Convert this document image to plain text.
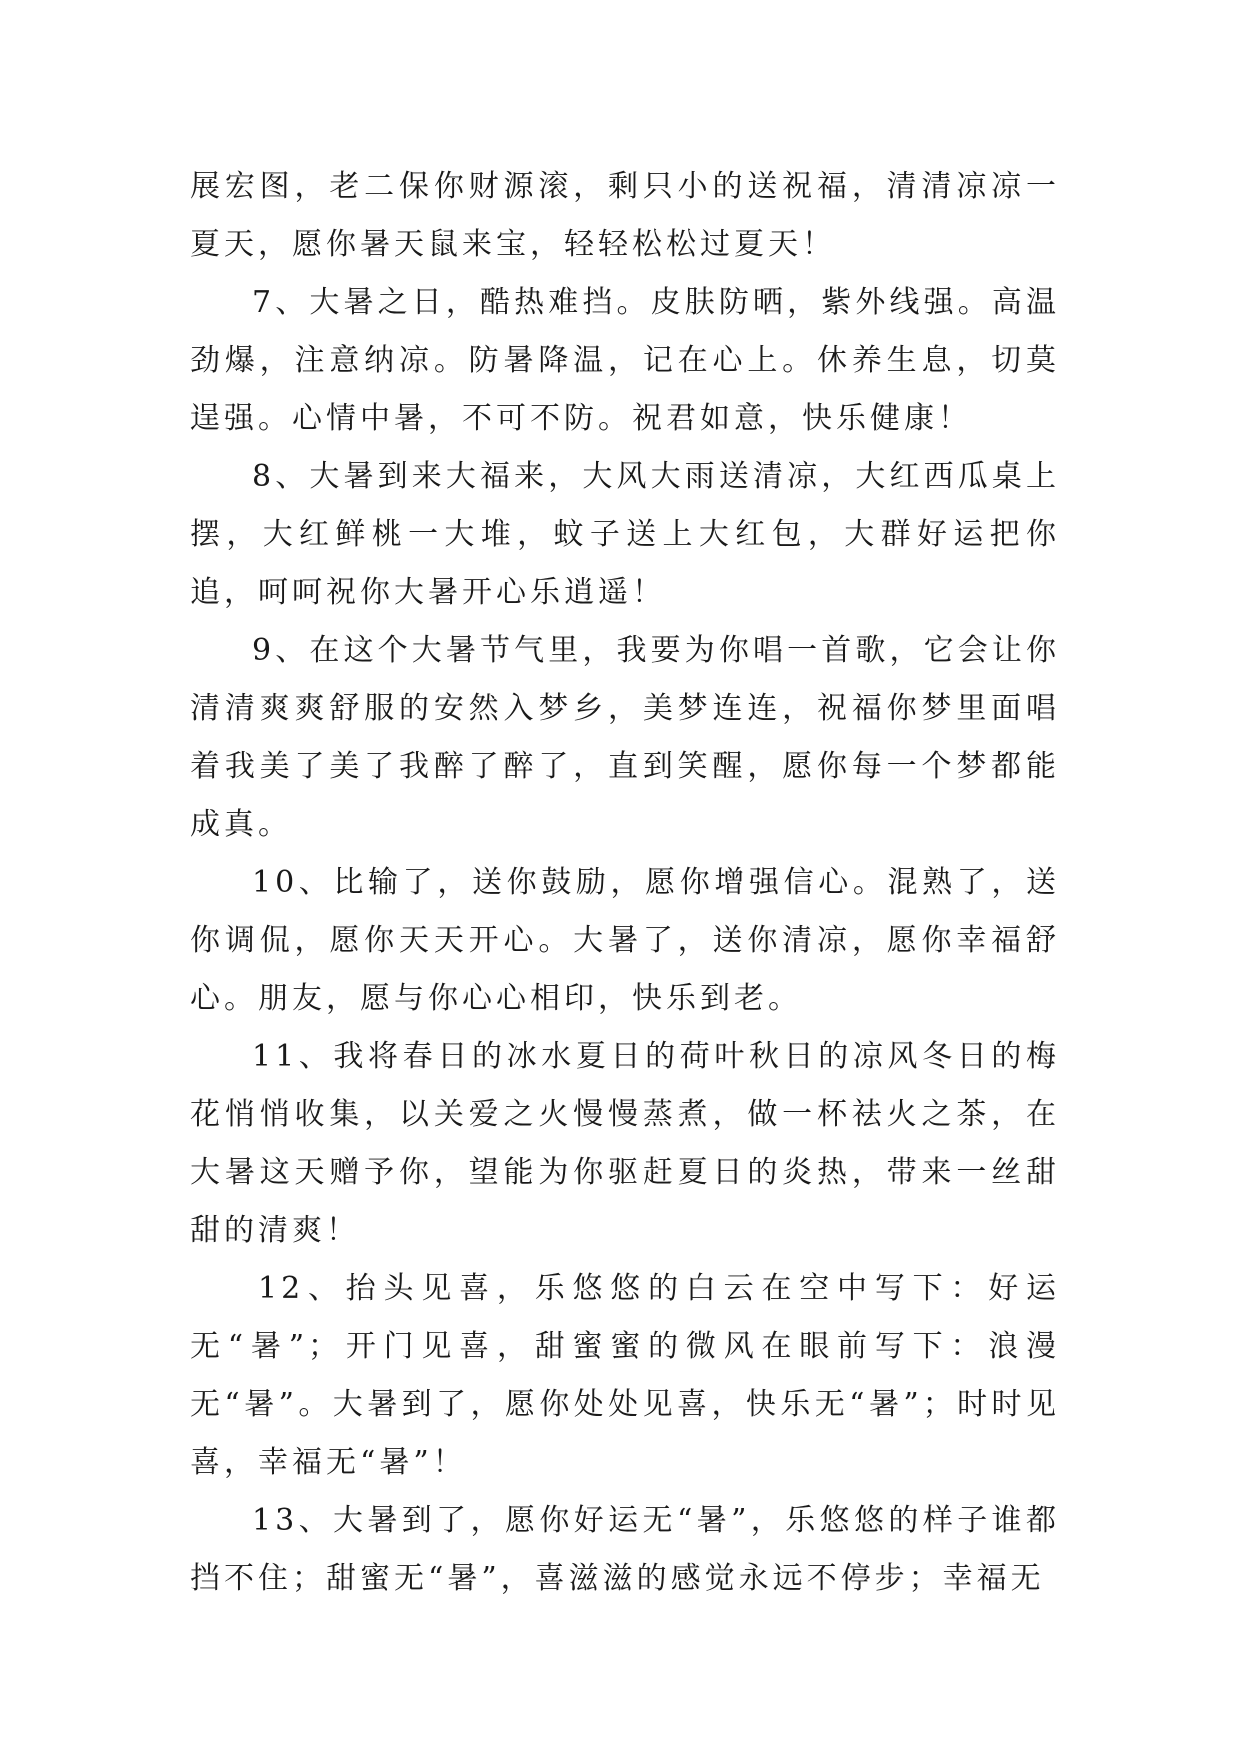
展宏图，老二保你财源滚，剩只小的送祝福，清清凉凉一夏天，愿你暑天鼠来宝，轻轻松松过夏天！

7、大暑之日，酷热难挡。皮肤防晒，紫外线强。高温劲爆，注意纳凉。防暑降温，记在心上。休养生息，切莫逞强。心情中暑，不可不防。祝君如意，快乐健康！

8、大暑到来大福来，大风大雨送清凉，大红西瓜桌上摆，大红鲜桃一大堆，蚊子送上大红包，大群好运把你追，呵呵祝你大暑开心乐逍遥！

9、在这个大暑节气里，我要为你唱一首歌，它会让你清清爽爽舒服的安然入梦乡，美梦连连，祝福你梦里面唱着我美了美了我醉了醉了，直到笑醒，愿你每一个梦都能成真。

10、比输了，送你鼓励，愿你增强信心。混熟了，送你调侃，愿你天天开心。大暑了，送你清凉，愿你幸福舒心。朋友，愿与你心心相印，快乐到老。

11、我将春日的冰水夏日的荷叶秋日的凉风冬日的梅花悄悄收集，以关爱之火慢慢蒸煮，做一杯祛火之茶，在大暑这天赠予你，望能为你驱赶夏日的炎热，带来一丝甜甜的清爽！

12、抬头见喜，乐悠悠的白云在空中写下：好运无“暑”；开门见喜，甜蜜蜜的微风在眼前写下：浪漫无“暑”。大暑到了，愿你处处见喜，快乐无“暑”；时时见喜，幸福无“暑”！

13、大暑到了，愿你好运无“暑”，乐悠悠的样子谁都挡不住；甜蜜无“暑”，喜滋滋的感觉永远不停步；幸福无
